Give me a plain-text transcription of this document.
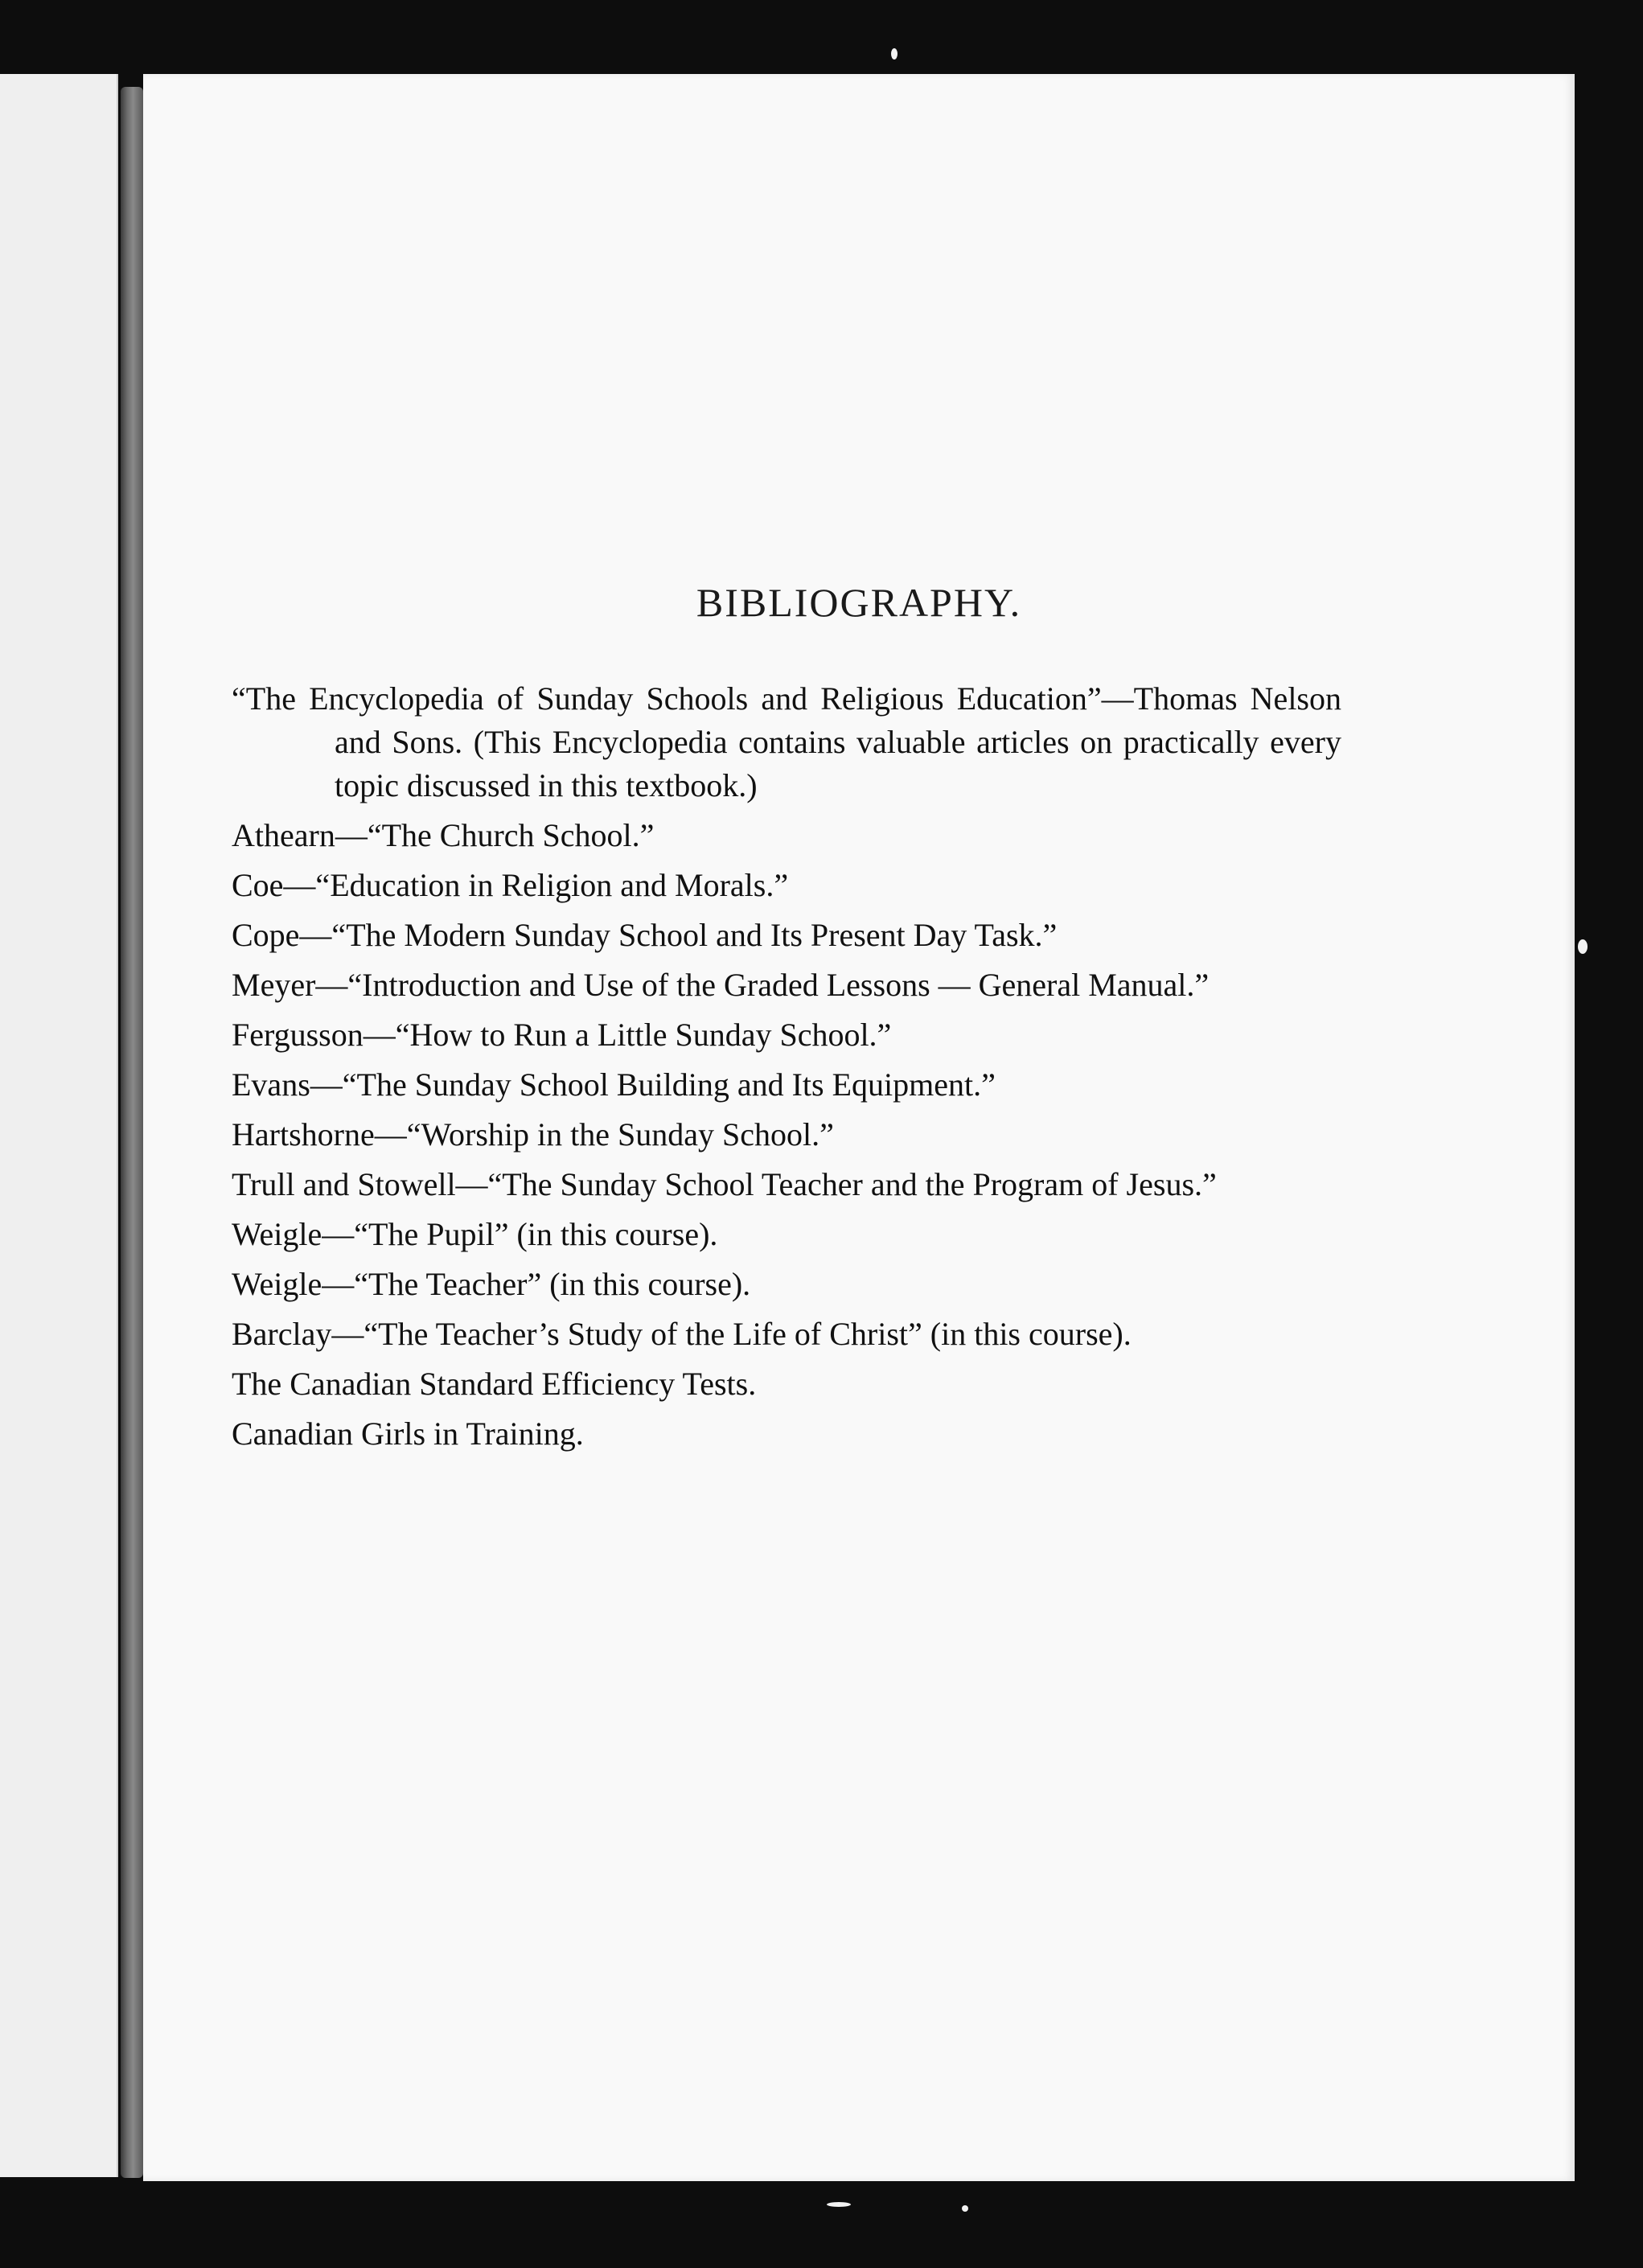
BIBLIOGRAPHY.
“The Encyclopedia of Sunday Schools and Religious Education”—Thomas Nelson and Sons. (This Encyclopedia contains valuable articles on practically every topic discussed in this textbook.)
Athearn—“The Church School.”
Coe—“Education in Religion and Morals.”
Cope—“The Modern Sunday School and Its Present Day Task.”
Meyer—“Introduction and Use of the Graded Lessons — General Manual.”
Fergusson—“How to Run a Little Sunday School.”
Evans—“The Sunday School Building and Its Equipment.”
Hartshorne—“Worship in the Sunday School.”
Trull and Stowell—“The Sunday School Teacher and the Program of Jesus.”
Weigle—“The Pupil” (in this course).
Weigle—“The Teacher” (in this course).
Barclay—“The Teacher’s Study of the Life of Christ” (in this course).
The Canadian Standard Efficiency Tests.
Canadian Girls in Training.
